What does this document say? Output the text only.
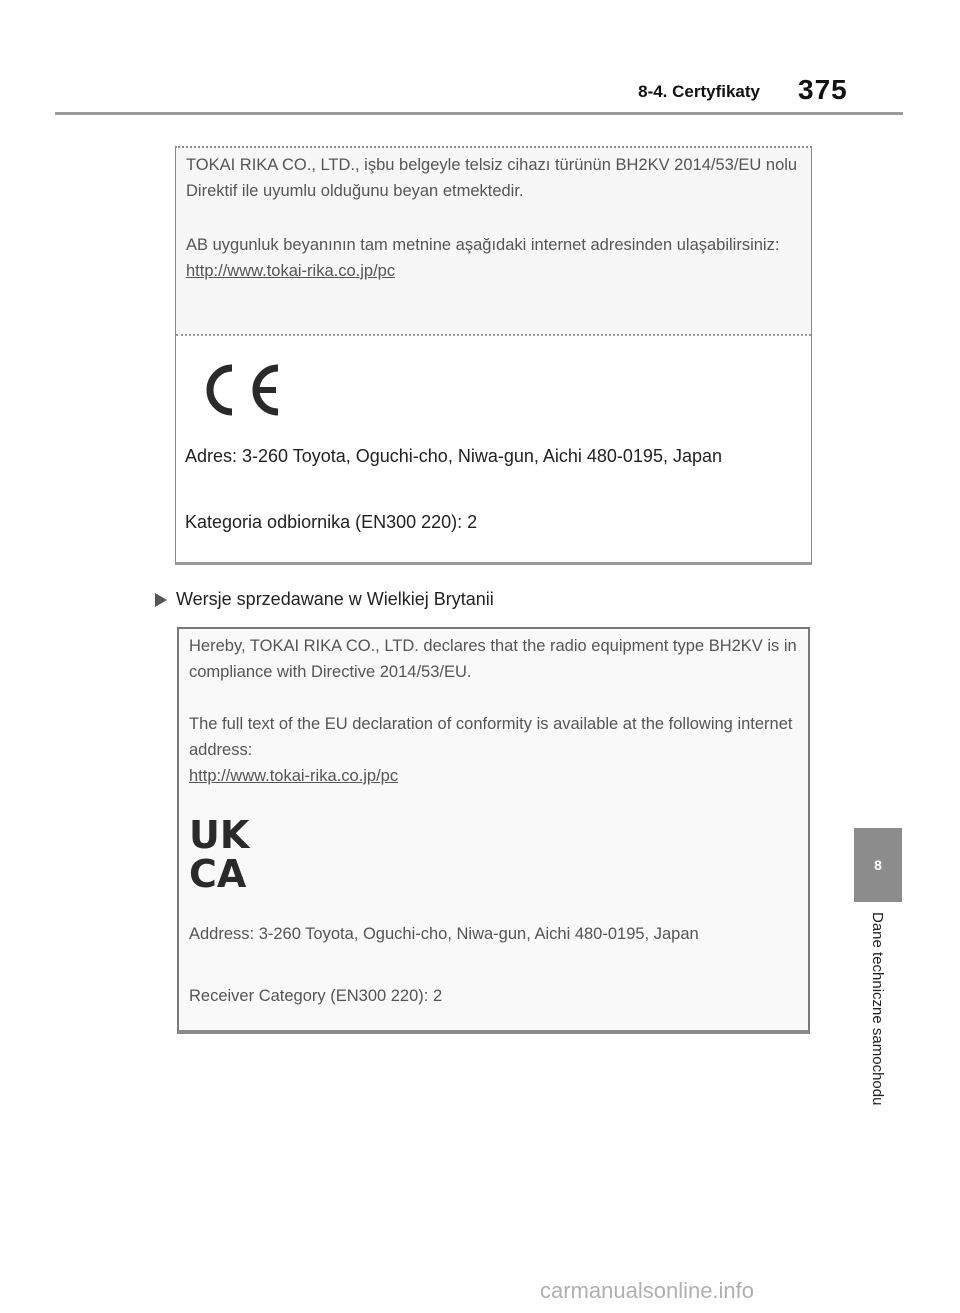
8-4. Certyfikaty 375
8
Dane techniczne samochodu
TOKAI RIKA CO., LTD., işbu belgeyle telsiz cihazı türünün BH2KV 2014/53/EU nolu Direktif ile uyumlu olduğunu beyan etmektedir.
AB uygunluk beyanının tam metnine aşağıdaki internet adresinden ulaşabilirsiniz:
http://www.tokai-rika.co.jp/pc
Adres: 3-260 Toyota, Oguchi-cho, Niwa-gun, Aichi 480-0195, Japan
Kategoria odbiornika (EN300 220): 2
Wersje sprzedawane w Wielkiej Brytanii
Hereby, TOKAI RIKA CO., LTD. declares that the radio equipment type BH2KV is in compliance with Directive 2014/53/EU.
The full text of the EU declaration of conformity is available at the following internet address:
http://www.tokai-rika.co.jp/pc
UK
CA
Address: 3-260 Toyota, Oguchi-cho, Niwa-gun, Aichi 480-0195, Japan
Receiver Category (EN300 220): 2
carmanualsonline.info
